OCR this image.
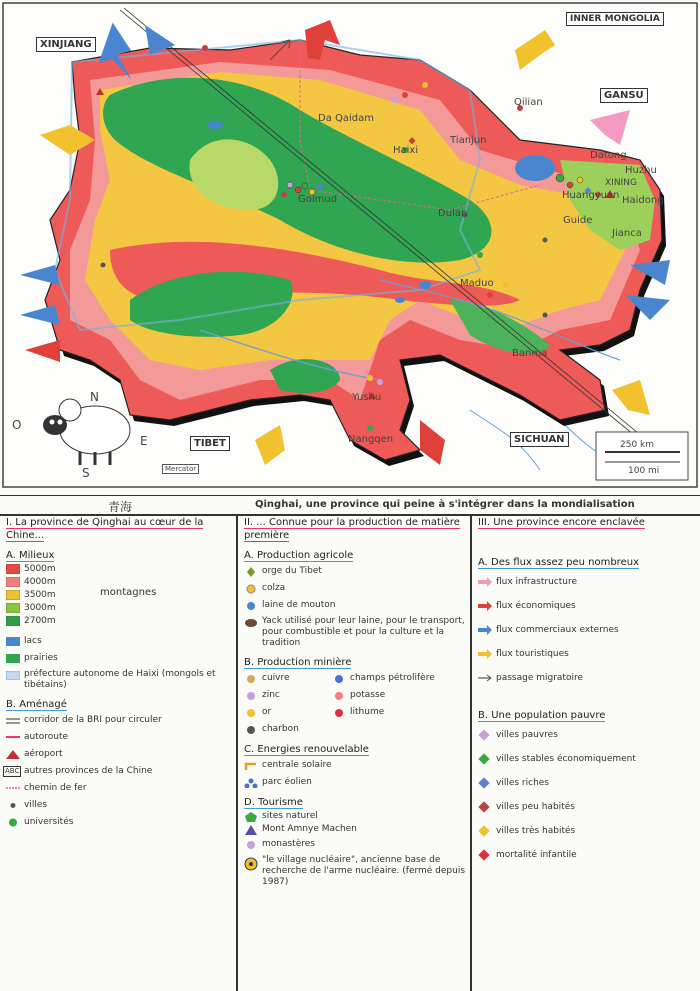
XINJIANG
INNER MONGOLIA
GANSU
TIBET	SICHUAN
Da Qaidam
Haixi
Tianjun
Qilian
Datong
Huzhu
Huangyuan
XINING
Haidong
Guide
Jianca
Golmud
Dulan
Maduo
Banma
Yushu
Nangqen
N
O
E
S
250 km
100 mi
Mercator
青海	Qinghai, une province qui peine à s'intégrer dans la mondialisation
I. La province de Qinghai au cœur de la Chine...
A. Milieux
5000m
4000m
3500m
3000m
2700m
montagnes
lacs
prairies
préfecture autonome de Haixi (mongols et tibétains)
B. Aménagé
corridor de la BRI pour circuler
autoroute
aéroport
ABC autres provinces de la Chine
chemin de fer
villes
universités
II. ... Connue pour la production de matière première
A. Production agricole
orge du Tibet
colza
laine de mouton
Yack utilisé pour leur laine, pour le transport, pour combustible et pour la culture et la tradition
B. Production minière
cuivre	champs pétrolifère
zinc	potasse
or	lithume
charbon
C. Energies renouvelable
centrale solaire
parc éolien
D. Tourisme
sites naturel
Mont Amnye Machen
monastères
"le village nucléaire", ancienne base de recherche de l'arme nucléaire. (fermé depuis 1987)
III. Une province encore enclavée
A. Des flux assez peu nombreux
flux infrastructure
flux économiques
flux commerciaux externes
flux touristiques
passage migratoire
B. Une population pauvre
villes pauvres
villes stables économiquement
villes riches
villes peu habités
villes très habités
mortalité infantile
